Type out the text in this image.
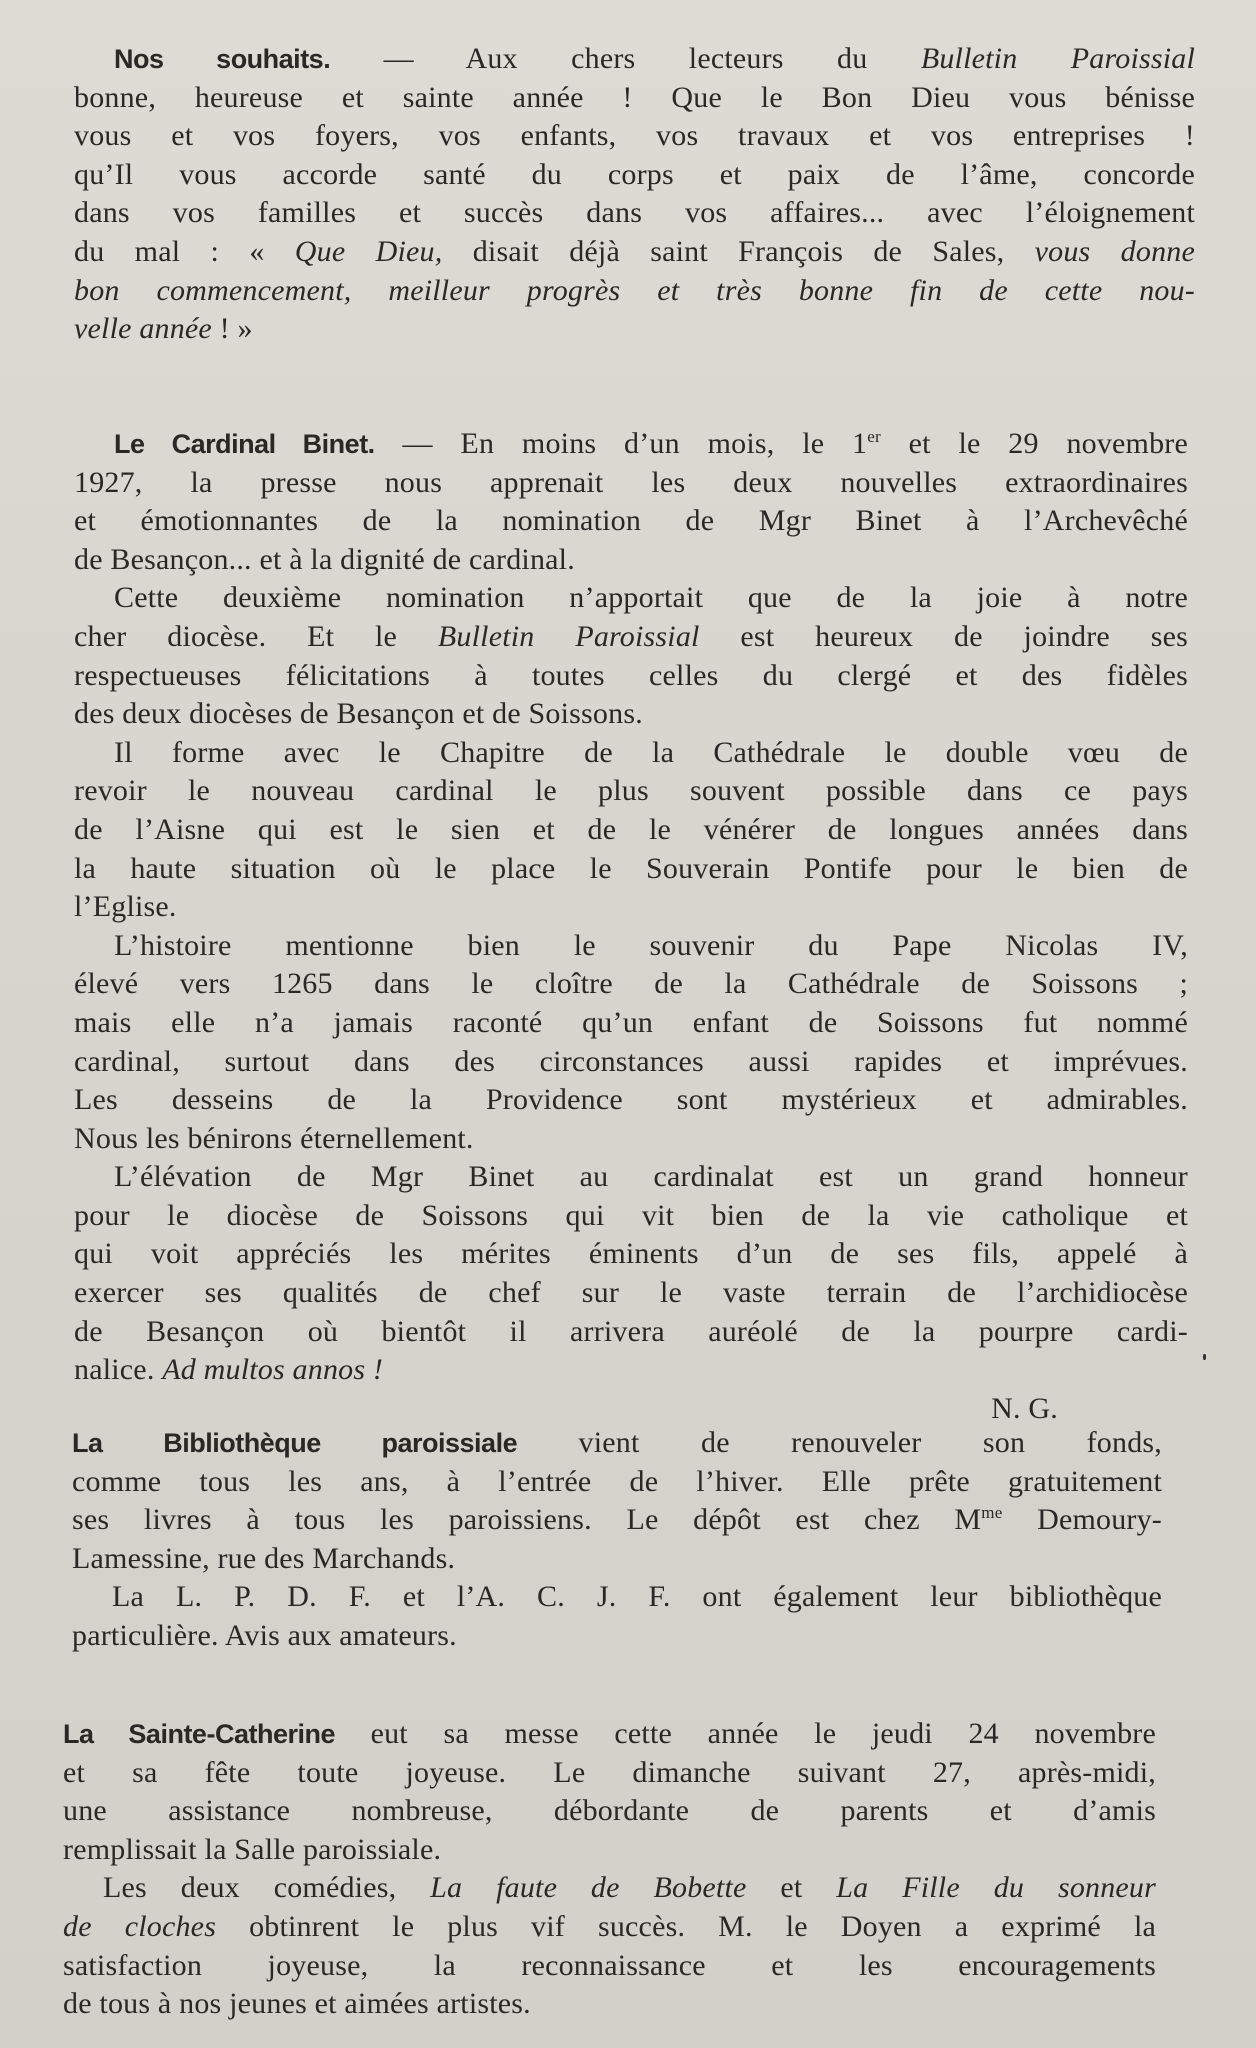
Nos souhaits. — Aux chers lecteurs du Bulletin Paroissial
bonne, heureuse et sainte année ! Que le Bon Dieu vous bénisse
vous et vos foyers, vos enfants, vos travaux et vos entreprises !
qu’Il vous accorde santé du corps et paix de l’âme, concorde
dans vos familles et succès dans vos affaires... avec l’éloignement
du mal : « Que Dieu, disait déjà saint François de Sales, vous donne
bon commencement, meilleur progrès et très bonne fin de cette nou-
velle année ! »
Le Cardinal Binet. — En moins d’un mois, le 1er et le 29 novembre
1927, la presse nous apprenait les deux nouvelles extraordinaires
et émotionnantes de la nomination de Mgr Binet à l’Archevêché
de Besançon... et à la dignité de cardinal.
Cette deuxième nomination n’apportait que de la joie à notre
cher diocèse. Et le Bulletin Paroissial est heureux de joindre ses
respectueuses félicitations à toutes celles du clergé et des fidèles
des deux diocèses de Besançon et de Soissons.
Il forme avec le Chapitre de la Cathédrale le double vœu de
revoir le nouveau cardinal le plus souvent possible dans ce pays
de l’Aisne qui est le sien et de le vénérer de longues années dans
la haute situation où le place le Souverain Pontife pour le bien de
l’Eglise.
L’histoire mentionne bien le souvenir du Pape Nicolas IV,
élevé vers 1265 dans le cloître de la Cathédrale de Soissons ;
mais elle n’a jamais raconté qu’un enfant de Soissons fut nommé
cardinal, surtout dans des circonstances aussi rapides et imprévues.
Les desseins de la Providence sont mystérieux et admirables.
Nous les bénirons éternellement.
L’élévation de Mgr Binet au cardinalat est un grand honneur
pour le diocèse de Soissons qui vit bien de la vie catholique et
qui voit appréciés les mérites éminents d’un de ses fils, appelé à
exercer ses qualités de chef sur le vaste terrain de l’archidiocèse
de Besançon où bientôt il arrivera auréolé de la pourpre cardi-
nalice. Ad multos annos !
N. G.
La Bibliothèque paroissiale vient de renouveler son fonds,
comme tous les ans, à l’entrée de l’hiver. Elle prête gratuitement
ses livres à tous les paroissiens. Le dépôt est chez $M^{me}$ Demoury-
Lamessine, rue des Marchands.
La L. P. D. F. et l’A. C. J. F. ont également leur bibliothèque
particulière. Avis aux amateurs.
La Sainte-Catherine eut sa messe cette année le jeudi 24 novembre
et sa fête toute joyeuse. Le dimanche suivant 27, après-midi,
une assistance nombreuse, débordante de parents et d’amis
remplissait la Salle paroissiale.
Les deux comédies, La faute de Bobette et La Fille du sonneur
de cloches obtinrent le plus vif succès. M. le Doyen a exprimé la
satisfaction joyeuse, la reconnaissance et les encouragements
de tous à nos jeunes et aimées artistes.
